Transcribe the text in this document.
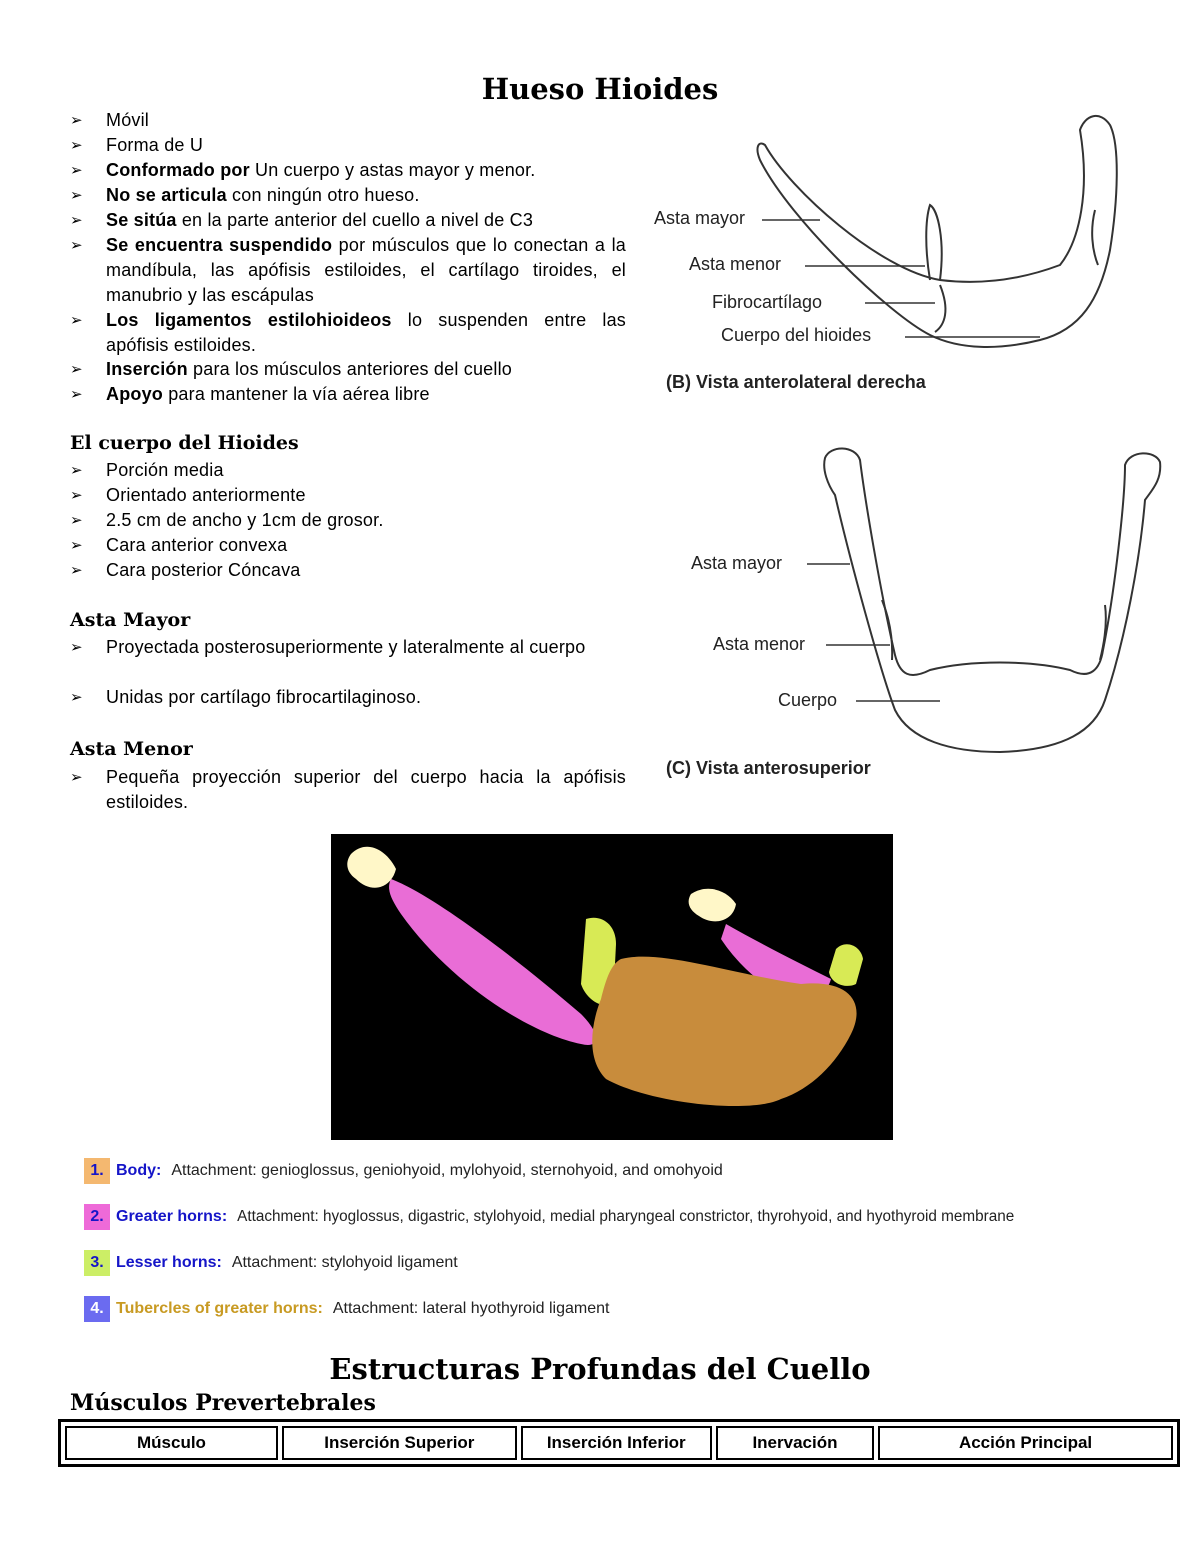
Hueso Hioides
➢ Móvil
➢ Forma de U
➢ Conformado por Un cuerpo y astas mayor y menor.
➢ No se articula con ningún otro hueso.
➢ Se sitúa en la parte anterior del cuello a nivel de C3
➢ Se encuentra suspendido por músculos que lo conectan a la mandíbula, las apófisis estiloides, el cartílago tiroides, el manubrio y las escápulas
➢ Los ligamentos estilohioideos lo suspenden entre las apófisis estiloides.
➢ Inserción para los músculos anteriores del cuello
➢ Apoyo para mantener la vía aérea libre
El cuerpo del Hioides
➢ Porción media
➢ Orientado anteriormente
➢ 2.5 cm de ancho y 1cm de grosor.
➢ Cara anterior convexa
➢ Cara posterior Cóncava
Asta Mayor
➢ Proyectada posterosuperiormente y lateralmente al cuerpo
➢ Unidas por cartílago fibrocartilaginoso.
Asta Menor
➢ Pequeña proyección superior del cuerpo hacia la apófisis estiloides.
Asta mayor
Asta menor
Fibrocartílago
Cuerpo del hioides
(B) Vista anterolateral derecha
Asta mayor
Asta menor
Cuerpo
(C) Vista anterosuperior
1. Body: Attachment: genioglossus, geniohyoid, mylohyoid, sternohyoid, and omohyoid
2. Greater horns: Attachment: hyoglossus, digastric, stylohyoid, medial pharyngeal constrictor, thyrohyoid, and hyothyroid membrane
3. Lesser horns: Attachment: stylohyoid ligament
4. Tubercles of greater horns: Attachment: lateral hyothyroid ligament
Estructuras Profundas del Cuello
Músculos Prevertebrales
Músculo	Inserción Superior	Inserción Inferior	Inervación	Acción Principal
